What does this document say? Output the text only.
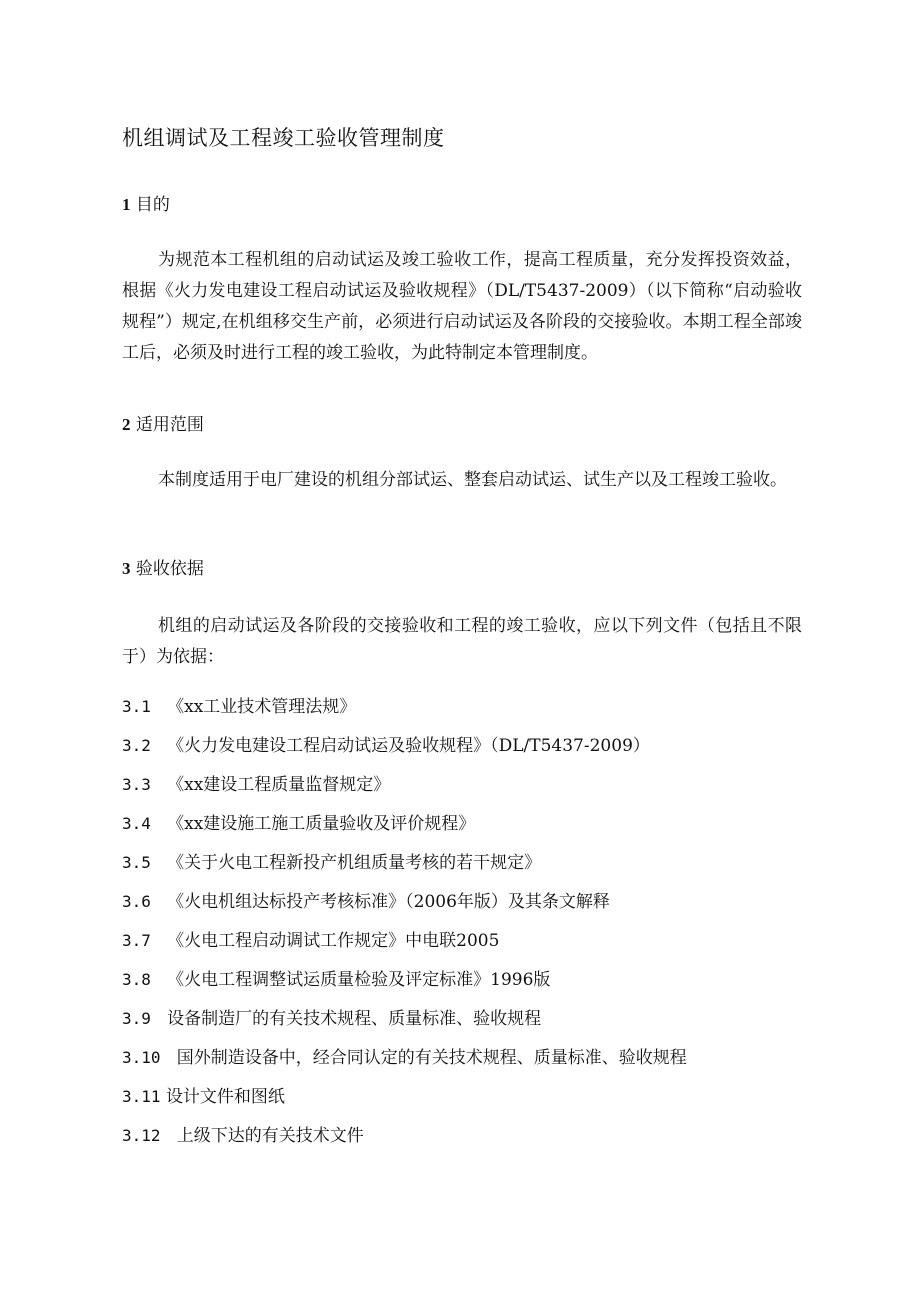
机组调试及工程竣工验收管理制度
1 目的

为规范本工程机组的启动试运及竣工验收工作，提高工程质量，充分发挥投资效益，根据《火力发电建设工程启动试运及验收规程》（DL/T5437-2009）（以下简称“启动验收规程”）规定,在机组移交生产前，必须进行启动试运及各阶段的交接验收。本期工程全部竣工后，必须及时进行工程的竣工验收，为此特制定本管理制度。

2 适用范围

本制度适用于电厂建设的机组分部试运、整套启动试运、试生产以及工程竣工验收。

3 验收依据

机组的启动试运及各阶段的交接验收和工程的竣工验收，应以下列文件（包括且不限于）为依据：

3.1 《xx工业技术管理法规》
3.2 《火力发电建设工程启动试运及验收规程》（DL/T5437-2009）
3.3 《xx建设工程质量监督规定》
3.4 《xx建设施工施工质量验收及评价规程》
3.5 《关于火电工程新投产机组质量考核的若干规定》
3.6 《火电机组达标投产考核标准》（2006年版）及其条文解释
3.7 《火电工程启动调试工作规定》中电联2005
3.8 《火电工程调整试运质量检验及评定标准》1996版
3.9 设备制造厂的有关技术规程、质量标准、验收规程
3.10 国外制造设备中，经合同认定的有关技术规程、质量标准、验收规程
3.11 设计文件和图纸
3.12 上级下达的有关技术文件
